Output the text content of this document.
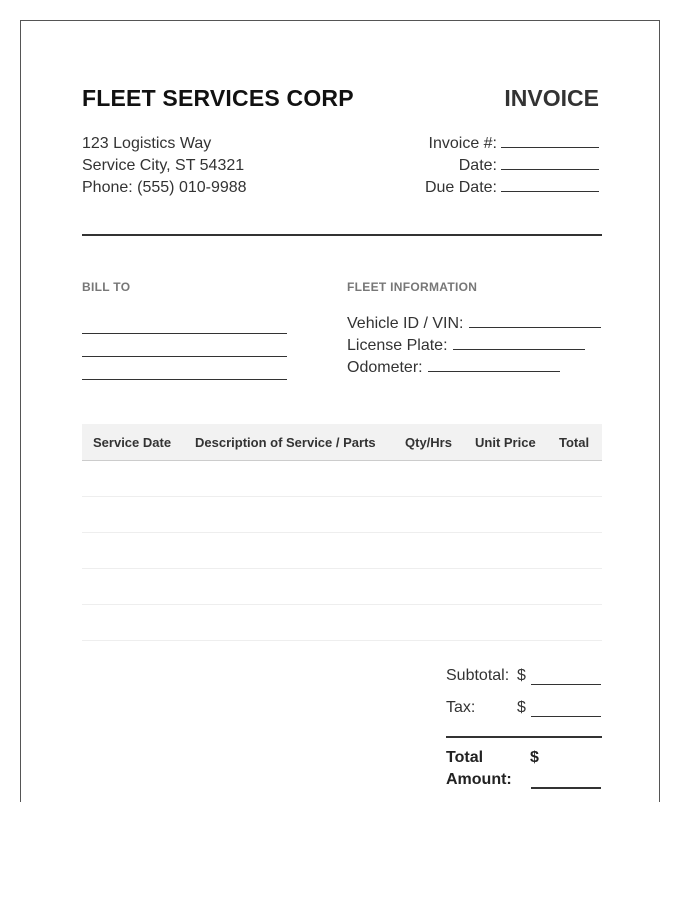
FLEET SERVICES CORP	INVOICE
123 Logistics Way
Service City, ST 54321
Phone: (555) 010-9988
Invoice #:
Date:
Due Date:
BILL TO	FLEET INFORMATION
Vehicle ID / VIN:
License Plate:
Odometer:
Service Date	Description of Service / Parts	Qty/Hrs	Unit Price	Total

Subtotal: $
Tax:	$
Total
Amount:
$
